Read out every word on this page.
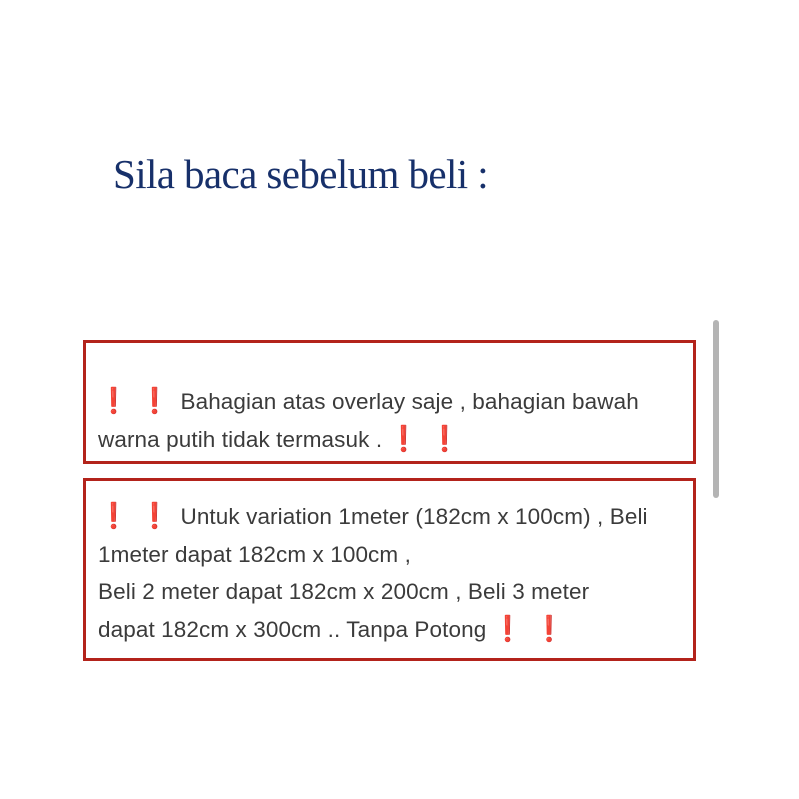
Sila baca sebelum beli :

❗ ❗ Bahagian atas overlay saje , bahagian bawah
warna putih tidak termasuk . ❗ ❗

❗ ❗ Untuk variation 1meter (182cm x 100cm) , Beli
1meter dapat 182cm x 100cm ,
Beli 2 meter dapat 182cm x 200cm , Beli 3 meter
dapat 182cm x 300cm .. Tanpa Potong ❗ ❗
